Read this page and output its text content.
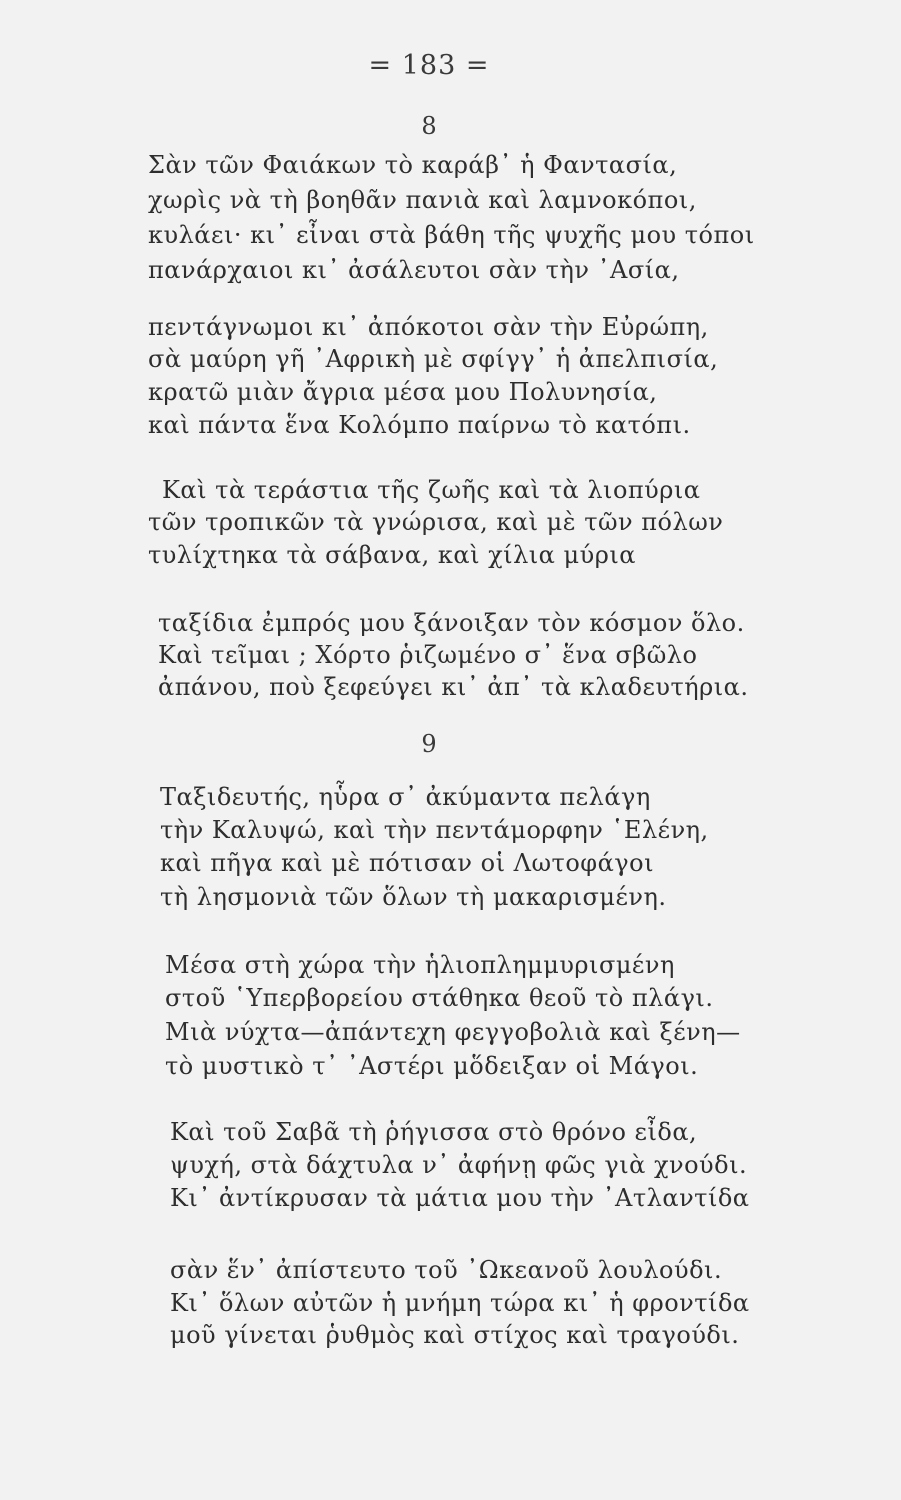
= 183 =
8
Σὰν τῶν Φαιάκων τὸ καράβ᾽ ἡ Φαντασία,
χωρὶς νὰ τὴ βοηθᾶν πανιὰ καὶ λαμνοκόποι,
κυλάει· κι᾽ εἶναι στὰ βάθη τῆς ψυχῆς μου τόποι
πανάρχαιοι κι᾽ ἀσάλευτοι σὰν τὴν ᾽Ασία,
πεντάγνωμοι κι᾽ ἀπόκοτοι σὰν τὴν Εὐρώπη,
σὰ μαύρη γῆ ᾽Αφρικὴ μὲ σφίγγ᾽ ἡ ἀπελπισία,
κρατῶ μιὰν ἄγρια μέσα μου Πολυνησία,
καὶ πάντα ἕνα Κολόμπο παίρνω τὸ κατόπι.
Καὶ τὰ τεράστια τῆς ζωῆς καὶ τὰ λιοπύρια
τῶν τροπικῶν τὰ γνώρισα, καὶ μὲ τῶν πόλων
τυλίχτηκα τὰ σάβανα, καὶ χίλια μύρια
ταξίδια ἐμπρός μου ξάνοιξαν τὸν κόσμον ὅλο.
Καὶ τεῖμαι ; Χόρτο ῥιζωμένο σ᾽ ἕνα σβῶλο
ἀπάνου, ποὺ ξεφεύγει κι᾽ ἀπ᾽ τὰ κλαδευτήρια.
9
Ταξιδευτής, ηὗρα σ᾽ ἀκύμαντα πελάγη
τὴν Καλυψώ, καὶ τὴν πεντάμορφην ῾Ελένη,
καὶ πῆγα καὶ μὲ πότισαν οἱ Λωτοφάγοι
τὴ λησμονιὰ τῶν ὅλων τὴ μακαρισμένη.
Μέσα στὴ χώρα τὴν ἡλιοπλημμυρισμένη
στοῦ ῾Υπερβορείου στάθηκα θεοῦ τὸ πλάγι.
Μιὰ νύχτα—ἀπάντεχη φεγγοβολιὰ καὶ ξένη—
τὸ μυστικὸ τ᾽ ᾽Αστέρι μὅδειξαν οἱ Μάγοι.
Καὶ τοῦ Σαβᾶ τὴ ῥήγισσα στὸ θρόνο εἶδα,
ψυχή, στὰ δάχτυλα ν᾽ ἀφήνῃ φῶς γιὰ χνούδι.
Κι᾽ ἀντίκρυσαν τὰ μάτια μου τὴν ᾽Ατλαντίδα
σὰν ἕν᾽ ἀπίστευτο τοῦ ᾽Ωκεανοῦ λουλούδι.
Κι᾽ ὅλων αὐτῶν ἡ μνήμη τώρα κι᾽ ἡ φροντίδα
μοῦ γίνεται ῥυθμὸς καὶ στίχος καὶ τραγούδι.
